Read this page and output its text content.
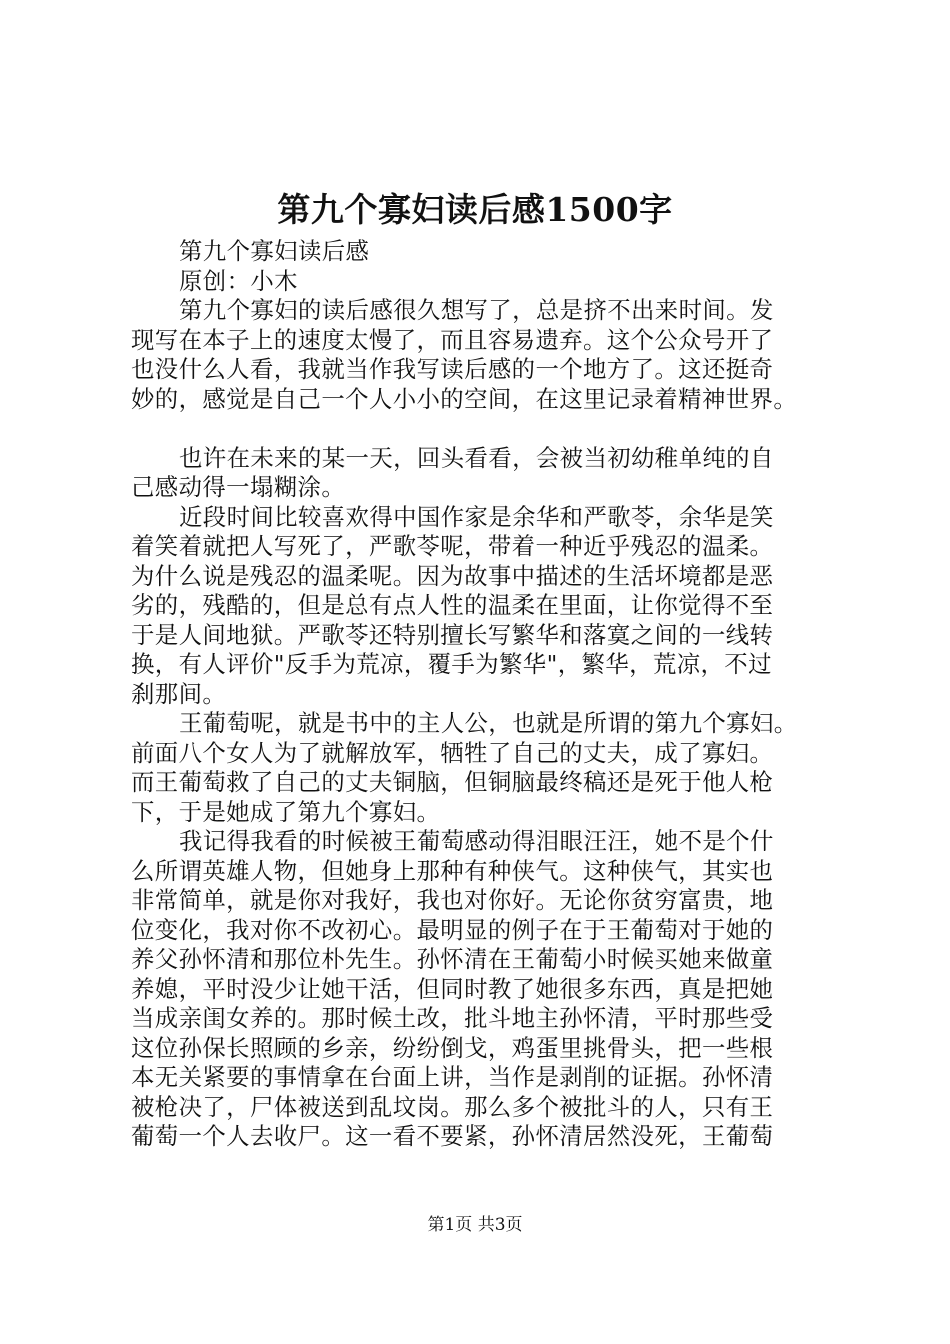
第九个寡妇读后感1500字
第九个寡妇读后感
原创：小木
第九个寡妇的读后感很久想写了，总是挤不出来时间。发
现写在本子上的速度太慢了，而且容易遗弃。这个公众号开了
也没什么人看，我就当作我写读后感的一个地方了。这还挺奇
妙的，感觉是自己一个人小小的空间，在这里记录着精神世界。
也许在未来的某一天，回头看看，会被当初幼稚单纯的自
己感动得一塌糊涂。
近段时间比较喜欢得中国作家是余华和严歌苓，余华是笑
着笑着就把人写死了，严歌苓呢，带着一种近乎残忍的温柔。
为什么说是残忍的温柔呢。因为故事中描述的生活坏境都是恶
劣的，残酷的，但是总有点人性的温柔在里面，让你觉得不至
于是人间地狱。严歌苓还特别擅长写繁华和落寞之间的一线转
换，有人评价"反手为荒凉，覆手为繁华"，繁华，荒凉，不过
刹那间。
王葡萄呢，就是书中的主人公，也就是所谓的第九个寡妇。
前面八个女人为了就解放军，牺牲了自己的丈夫，成了寡妇。
而王葡萄救了自己的丈夫铜脑，但铜脑最终稿还是死于他人枪
下，于是她成了第九个寡妇。
我记得我看的时候被王葡萄感动得泪眼汪汪，她不是个什
么所谓英雄人物，但她身上那种有种侠气。这种侠气，其实也
非常简单，就是你对我好，我也对你好。无论你贫穷富贵，地
位变化，我对你不改初心。最明显的例子在于王葡萄对于她的
养父孙怀清和那位朴先生。孙怀清在王葡萄小时候买她来做童
养媳，平时没少让她干活，但同时教了她很多东西，真是把她
当成亲闺女养的。那时候土改，批斗地主孙怀清，平时那些受
这位孙保长照顾的乡亲，纷纷倒戈，鸡蛋里挑骨头，把一些根
本无关紧要的事情拿在台面上讲，当作是剥削的证据。孙怀清
被枪决了，尸体被送到乱坟岗。那么多个被批斗的人，只有王
葡萄一个人去收尸。这一看不要紧，孙怀清居然没死，王葡萄
第1页 共3页
